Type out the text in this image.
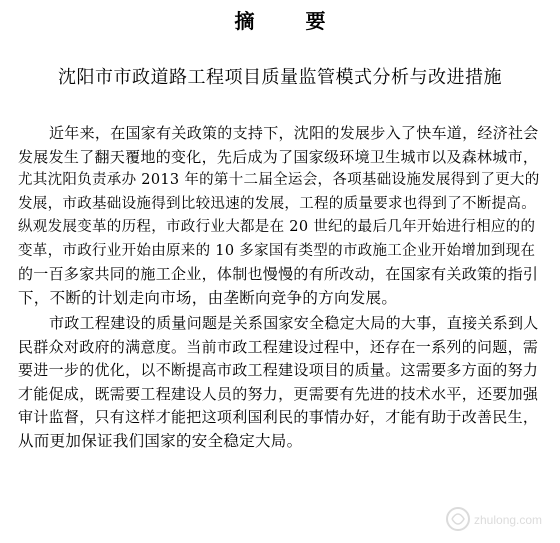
摘 要
沈阳市市政道路工程项目质量监管模式分析与改进措施
近年来，在国家有关政策的支持下，沈阳的发展步入了快车道，经济社会
发展发生了翻天覆地的变化，先后成为了国家级环境卫生城市以及森林城市，
尤其沈阳负责承办 2013 年的第十二届全运会，各项基础设施发展得到了更大的
发展，市政基础设施得到比较迅速的发展，工程的质量要求也得到了不断提高。
纵观发展变革的历程，市政行业大都是在 20 世纪的最后几年开始进行相应的的
变革，市政行业开始由原来的 10 多家国有类型的市政施工企业开始增加到现在
的一百多家共同的施工企业，体制也慢慢的有所改动，在国家有关政策的指引
下，不断的计划走向市场，由垄断向竞争的方向发展。
市政工程建设的质量问题是关系国家安全稳定大局的大事，直接关系到人
民群众对政府的满意度。当前市政工程建设过程中，还存在一系列的问题，需
要进一步的优化，以不断提高市政工程建设项目的质量。这需要多方面的努力
才能促成，既需要工程建设人员的努力，更需要有先进的技术水平，还要加强
审计监督，只有这样才能把这项利国利民的事情办好，才能有助于改善民生，
从而更加保证我们国家的安全稳定大局。
zhulong.com
